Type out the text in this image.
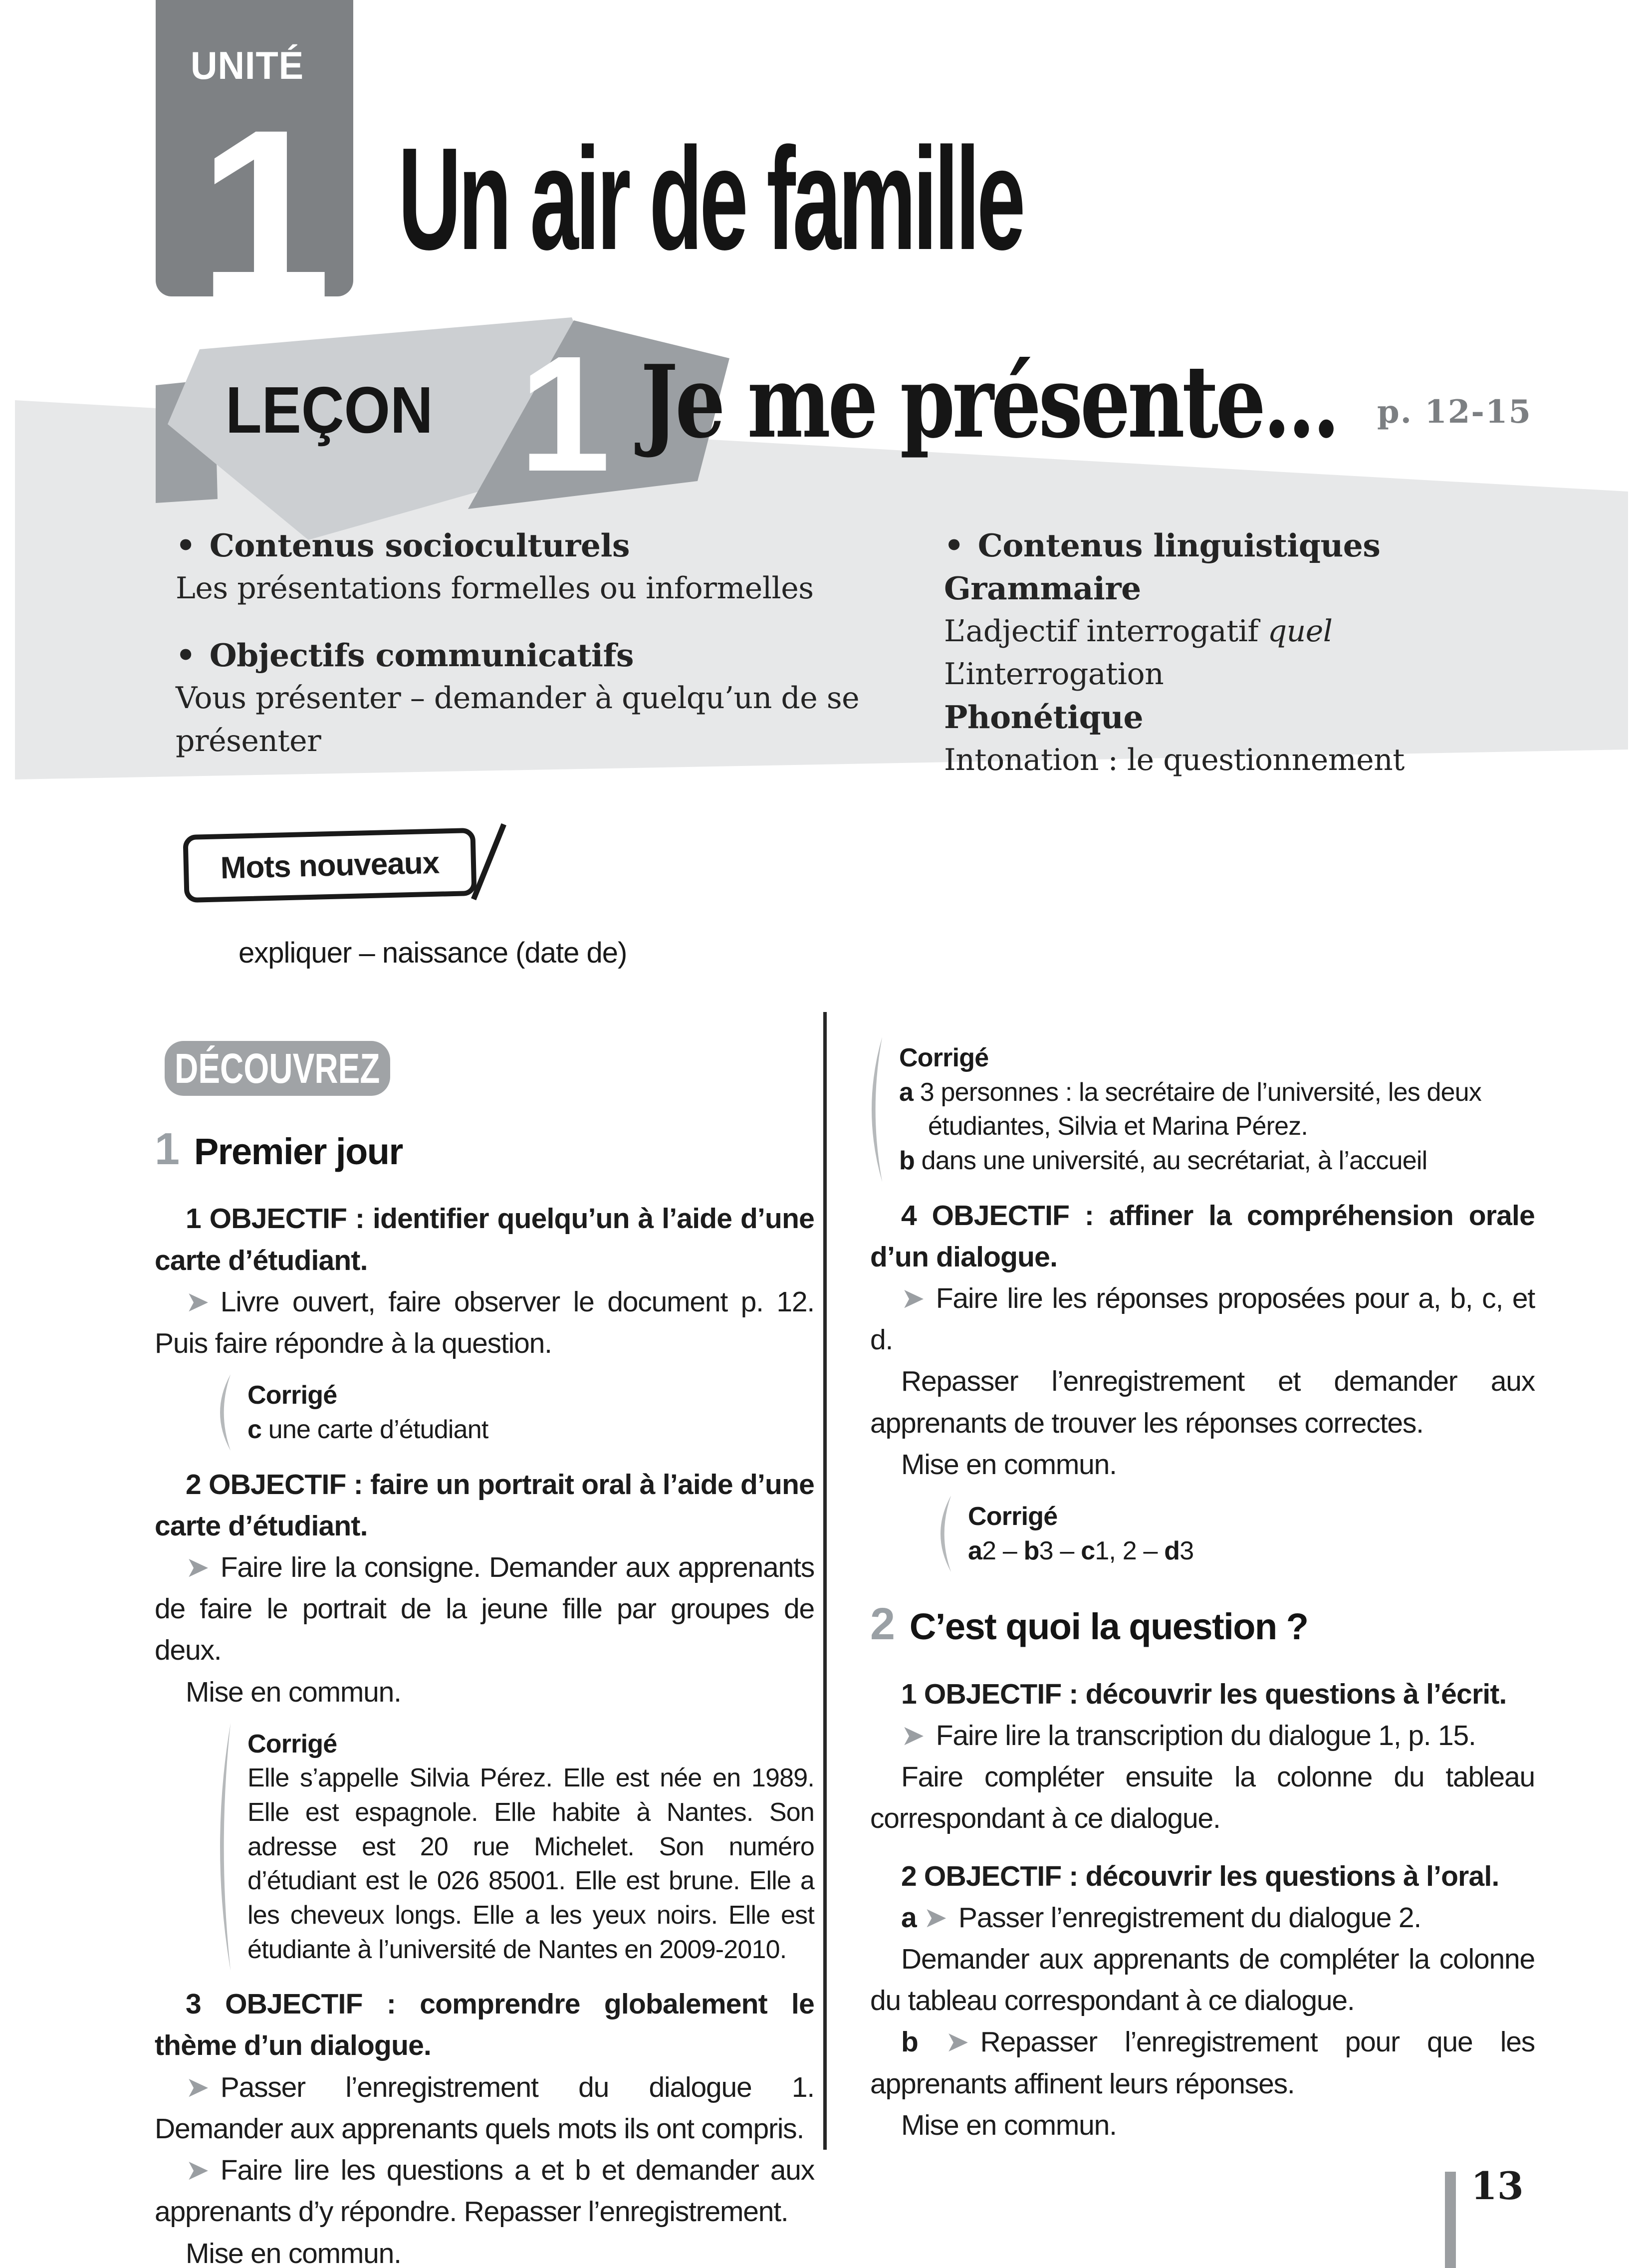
UNITÉ
1 Un air de famille
LEÇON 1 Je me présente... p. 12-15

• Contenus socioculturels

Les présentations formelles ou informelles

• Objectifs communicatifs

Vous présenter – demander à quelqu’un de se présenter

• Contenus linguistiques

Grammaire

L’adjectif interrogatif quel

L’interrogation

Phonétique

Intonation : le questionnement

Mots nouveaux
expliquer – naissance (date de)
DÉCOUVREZ
1 Premier jour

1 OBJECTIF : identifier quelqu’un à l’aide d’une carte d’étudiant.

➤ Livre ouvert, faire observer le document p. 12. Puis faire répondre à la question.

Corrigé

c une carte d’étudiant

2 OBJECTIF : faire un portrait oral à l’aide d’une carte d’étudiant.

➤ Faire lire la consigne. Demander aux apprenants de faire le portrait de la jeune fille par groupes de deux.

Mise en commun.

Corrigé

Elle s’appelle Silvia Pérez. Elle est née en 1989. Elle est espagnole. Elle habite à Nantes. Son adresse est 20 rue Michelet. Son numéro d’étudiant est le 026 85001. Elle est brune. Elle a les cheveux longs. Elle a les yeux noirs. Elle est étudiante à l’université de Nantes en 2009-2010.

3 OBJECTIF : comprendre globalement le thème d’un dialogue.

➤ Passer l’enregistrement du dialogue 1. Demander aux apprenants quels mots ils ont compris.

➤ Faire lire les questions a et b et demander aux apprenants d’y répondre. Repasser l’enregistrement.

Mise en commun.

Corrigé

a 3 personnes : la secrétaire de l’université, les deux étudiantes, Silvia et Marina Pérez.

b dans une université, au secrétariat, à l’accueil

4 OBJECTIF : affiner la compréhension orale d’un dialogue.

➤ Faire lire les réponses proposées pour a, b, c, et d.

Repasser l’enregistrement et demander aux apprenants de trouver les réponses correctes.

Mise en commun.

Corrigé

a2 – b3 – c1, 2 – d3

2 C’est quoi la question ?

1 OBJECTIF : découvrir les questions à l’écrit.

➤ Faire lire la transcription du dialogue 1, p. 15.

Faire compléter ensuite la colonne du tableau correspondant à ce dialogue.

2 OBJECTIF : découvrir les questions à l’oral.

a ➤ Passer l’enregistrement du dialogue 2.

Demander aux apprenants de compléter la colonne du tableau correspondant à ce dialogue.

b ➤ Repasser l’enregistrement pour que les apprenants affinent leurs réponses.

Mise en commun.

13
